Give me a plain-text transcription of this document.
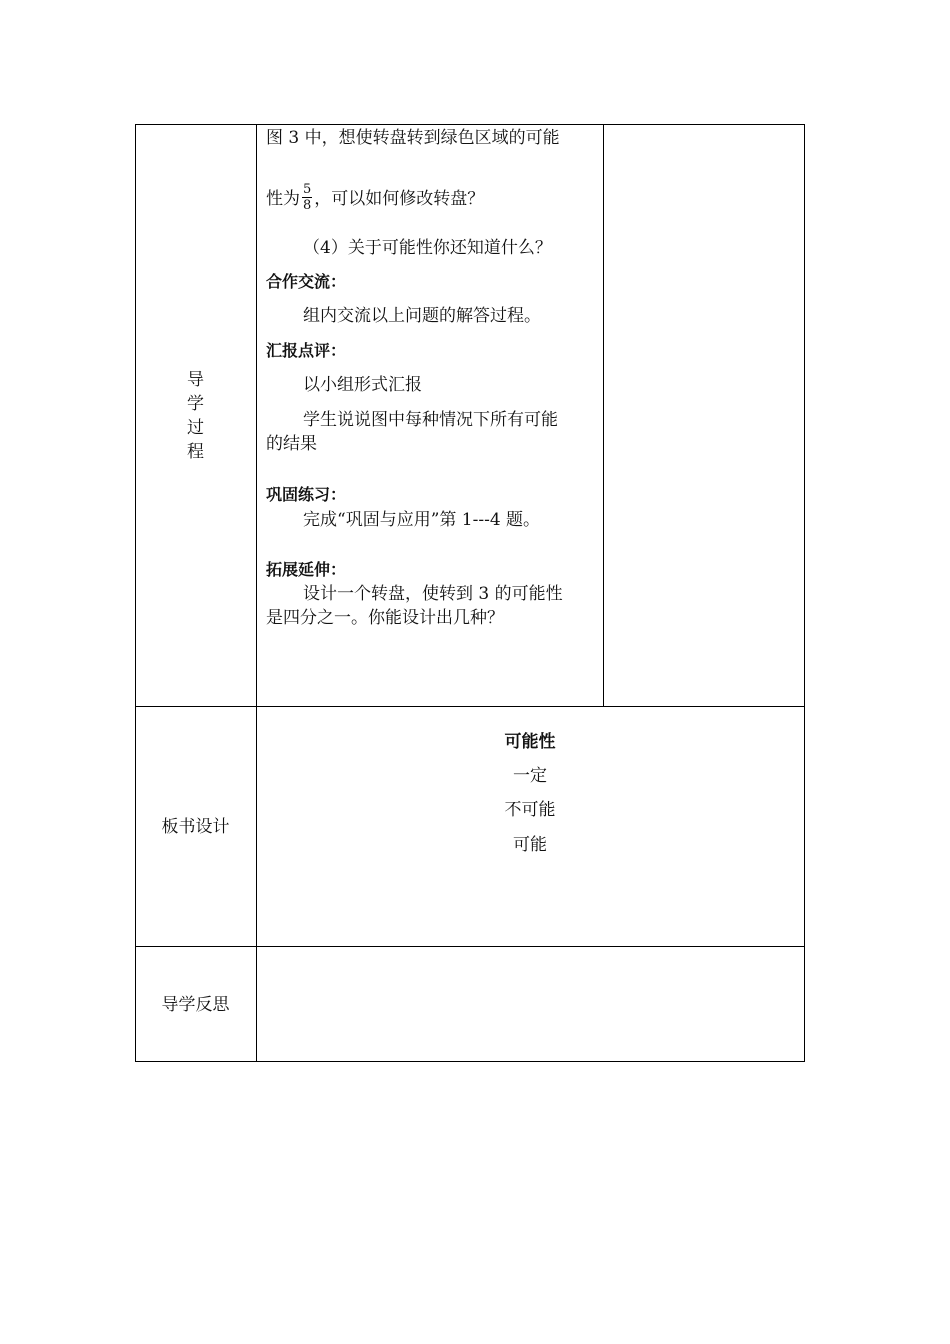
导
学
过
程
图 3 中，想使转盘转到绿色区域的可能
性为 $\frac{5}{8}$ ，可以如何修改转盘？
（4）关于可能性你还知道什么？
合作交流：
组内交流以上问题的解答过程。
汇报点评：
以小组形式汇报
学生说说图中每种情况下所有可能
的结果
巩固练习：
完成“巩固与应用”第 1---4 题。
拓展延伸：
设计一个转盘，使转到 3 的可能性
是四分之一。你能设计出几种？
板书设计
可能性
一定
不可能
可能
导学反思
